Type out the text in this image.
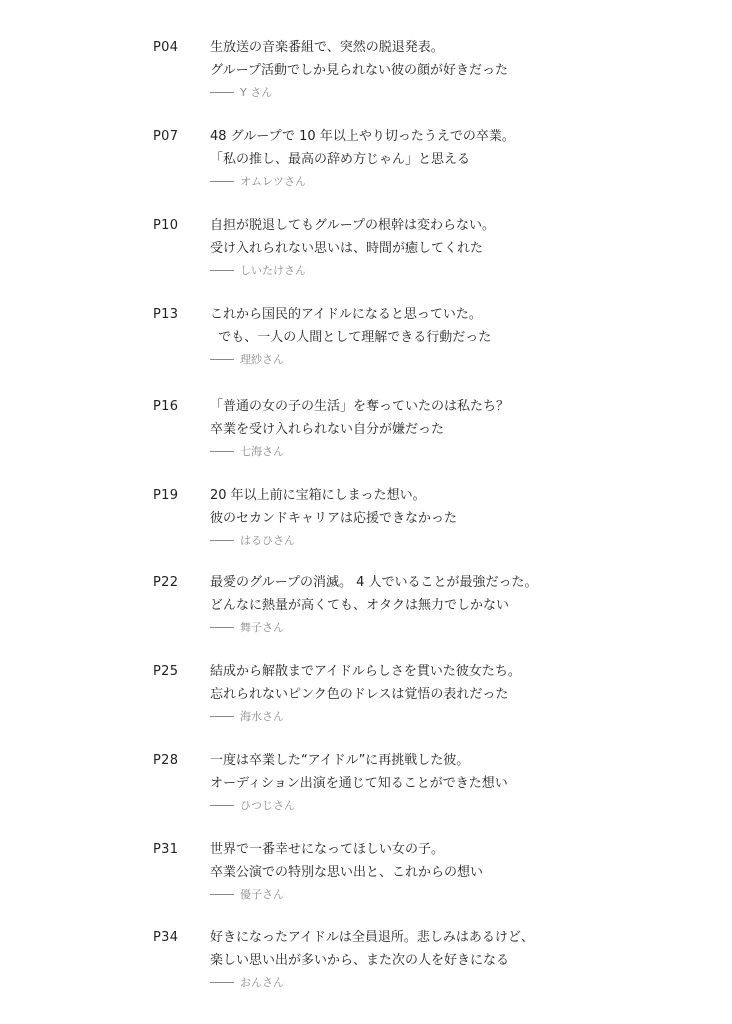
P04 生放送の音楽番組で、突然の脱退発表。
グループ活動でしか見られない彼の顔が好きだった
Y さん
P07 48 グループで 10 年以上やり切ったうえでの卒業。
「私の推し、最高の辞め方じゃん」と思える
オムレツさん
P10 自担が脱退してもグループの根幹は変わらない。
受け入れられない思いは、時間が癒してくれた
しいたけさん
P13 これから国民的アイドルになると思っていた。
でも、一人の人間として理解できる行動だった
理紗さん
P16 「普通の女の子の生活」を奪っていたのは私たち？
卒業を受け入れられない自分が嫌だった
七海さん
P19 20 年以上前に宝箱にしまった想い。
彼のセカンドキャリアは応援できなかった
はるひさん
P22 最愛のグループの消滅。 4 人でいることが最強だった。
どんなに熱量が高くても、オタクは無力でしかない
舞子さん
P25 結成から解散までアイドルらしさを貫いた彼女たち。
忘れられないピンク色のドレスは覚悟の表れだった
海水さん
P28 一度は卒業した“アイドル”に再挑戦した彼。
オーディション出演を通じて知ることができた想い
ひつじさん
P31 世界で一番幸せになってほしい女の子。
卒業公演での特別な思い出と、これからの想い
優子さん
P34 好きになったアイドルは全員退所。悲しみはあるけど、
楽しい思い出が多いから、また次の人を好きになる
おんさん
